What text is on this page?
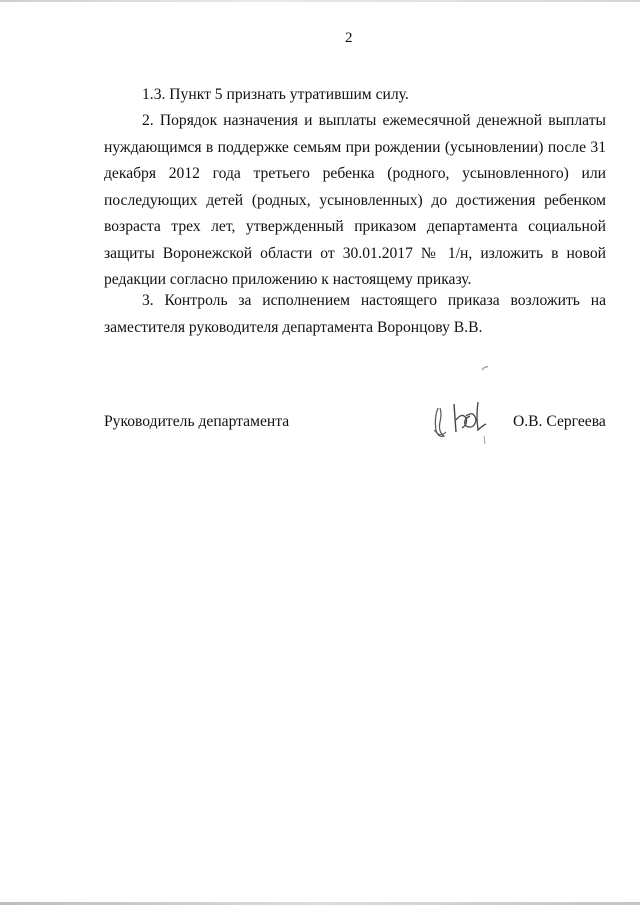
2

1.3. Пункт 5 признать утратившим силу.

2. Порядок назначения и выплаты ежемесячной денежной выплаты нуждающимся в поддержке семьям при рождении (усыновлении) после 31 декабря 2012 года третьего ребенка (родного, усыновленного) или последующих детей (родных, усыновленных) до достижения ребенком возраста трех лет, утвержденный приказом департамента социальной защиты Воронежской области от 30.01.2017 № 1/н, изложить в новой редакции согласно приложению к настоящему приказу.

3. Контроль за исполнением настоящего приказа возложить на заместителя руководителя департамента Воронцову В.В.

Руководитель департамента	О.В. Сергеева
